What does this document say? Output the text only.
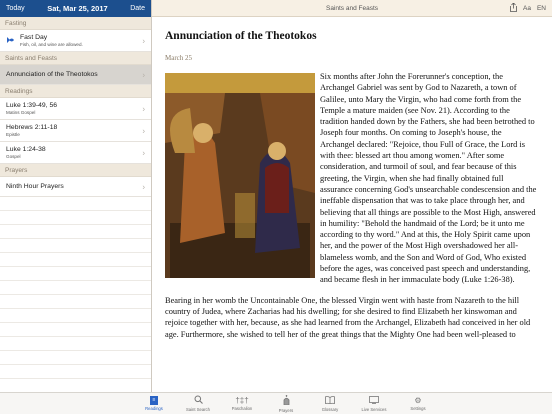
Today	Sat, Mar 25, 2017	Date
Fasting
Fast Day
Fish, oil, and wine are allowed.	›
Saints and Feasts
Annunciation of the Theotokos	›
Readings
Luke 1:39-49, 56
Matins Gospel	›
Hebrews 2:11-18
Epistle	›
Luke 1:24-38
Gospel	›
Prayers
Ninth Hour Prayers	›
Saints and Feasts	Aa EN
Annunciation of the Theotokos
March 25

Six months after John the Forerunner's conception, the Archangel Gabriel was sent by God to Nazareth, a town of Galilee, unto Mary the Virgin, who had come forth from the Temple a mature maiden (see Nov. 21). According to the tradition handed down by the Fathers, she had been betrothed to Joseph four months. On coming to Joseph's house, the Archangel declared: "Rejoice, thou Full of Grace, the Lord is with thee: blessed art thou among women." After some consideration, and turmoil of soul, and fear because of this greeting, the Virgin, when she had finally obtained full assurance concerning God's unsearchable condescension and the ineffable dispensation that was to take place through her, and believing that all things are possible to the Most High, answered in humility: "Behold the handmaid of the Lord; be it unto me according to thy word." And at this, the Holy Spirit came upon her, and the power of the Most High overshadowed her all-blameless womb, and the Son and Word of God, Who existed before the ages, was conceived past speech and understanding, and became flesh in her immaculate body (Luke 1:26-38).

Bearing in her womb the Uncontainable One, the blessed Virgin went with haste from Nazareth to the hill country of Judea, where Zacharias had his dwelling; for she desired to find Elizabeth her kinswoman and rejoice together with her, because, as she had learned from the Archangel, Elizabeth had conceived in her old age. Furthermore, she wished to tell her of the great things that the Mighty One had been well-pleased to

≡
Readings	Saint Search
†‡†
Paschalion	Prayers	Glossary	Live Services
⚙
Settings
